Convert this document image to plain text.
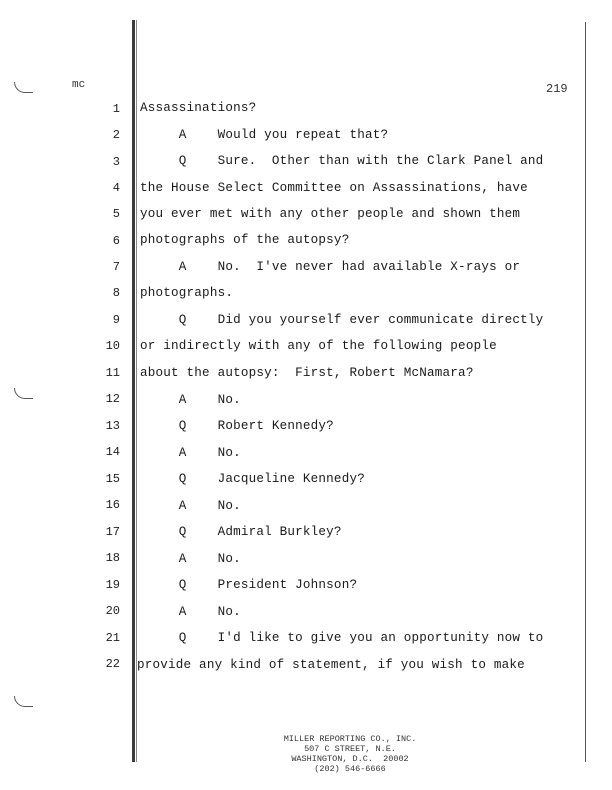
mc	219
1 Assassinations?
2 A    Would you repeat that?
3 Q    Sure.  Other than with the Clark Panel and
4 the House Select Committee on Assassinations, have
5 you ever met with any other people and shown them
6 photographs of the autopsy?
7 A    No.  I've never had available X-rays or
8 photographs.
9 Q    Did you yourself ever communicate directly
10 or indirectly with any of the following people
11 about the autopsy:  First, Robert McNamara?
12 A    No.
13 Q    Robert Kennedy?
14 A    No.
15 Q    Jacqueline Kennedy?
16 A    No.
17 Q    Admiral Burkley?
18 A    No.
19 Q    President Johnson?
20 A    No.
21 Q    I'd like to give you an opportunity now to
22 provide any kind of statement, if you wish to make
MILLER REPORTING CO., INC.
507 C STREET, N.E.
WASHINGTON, D.C.  20002
(202) 546-6666
